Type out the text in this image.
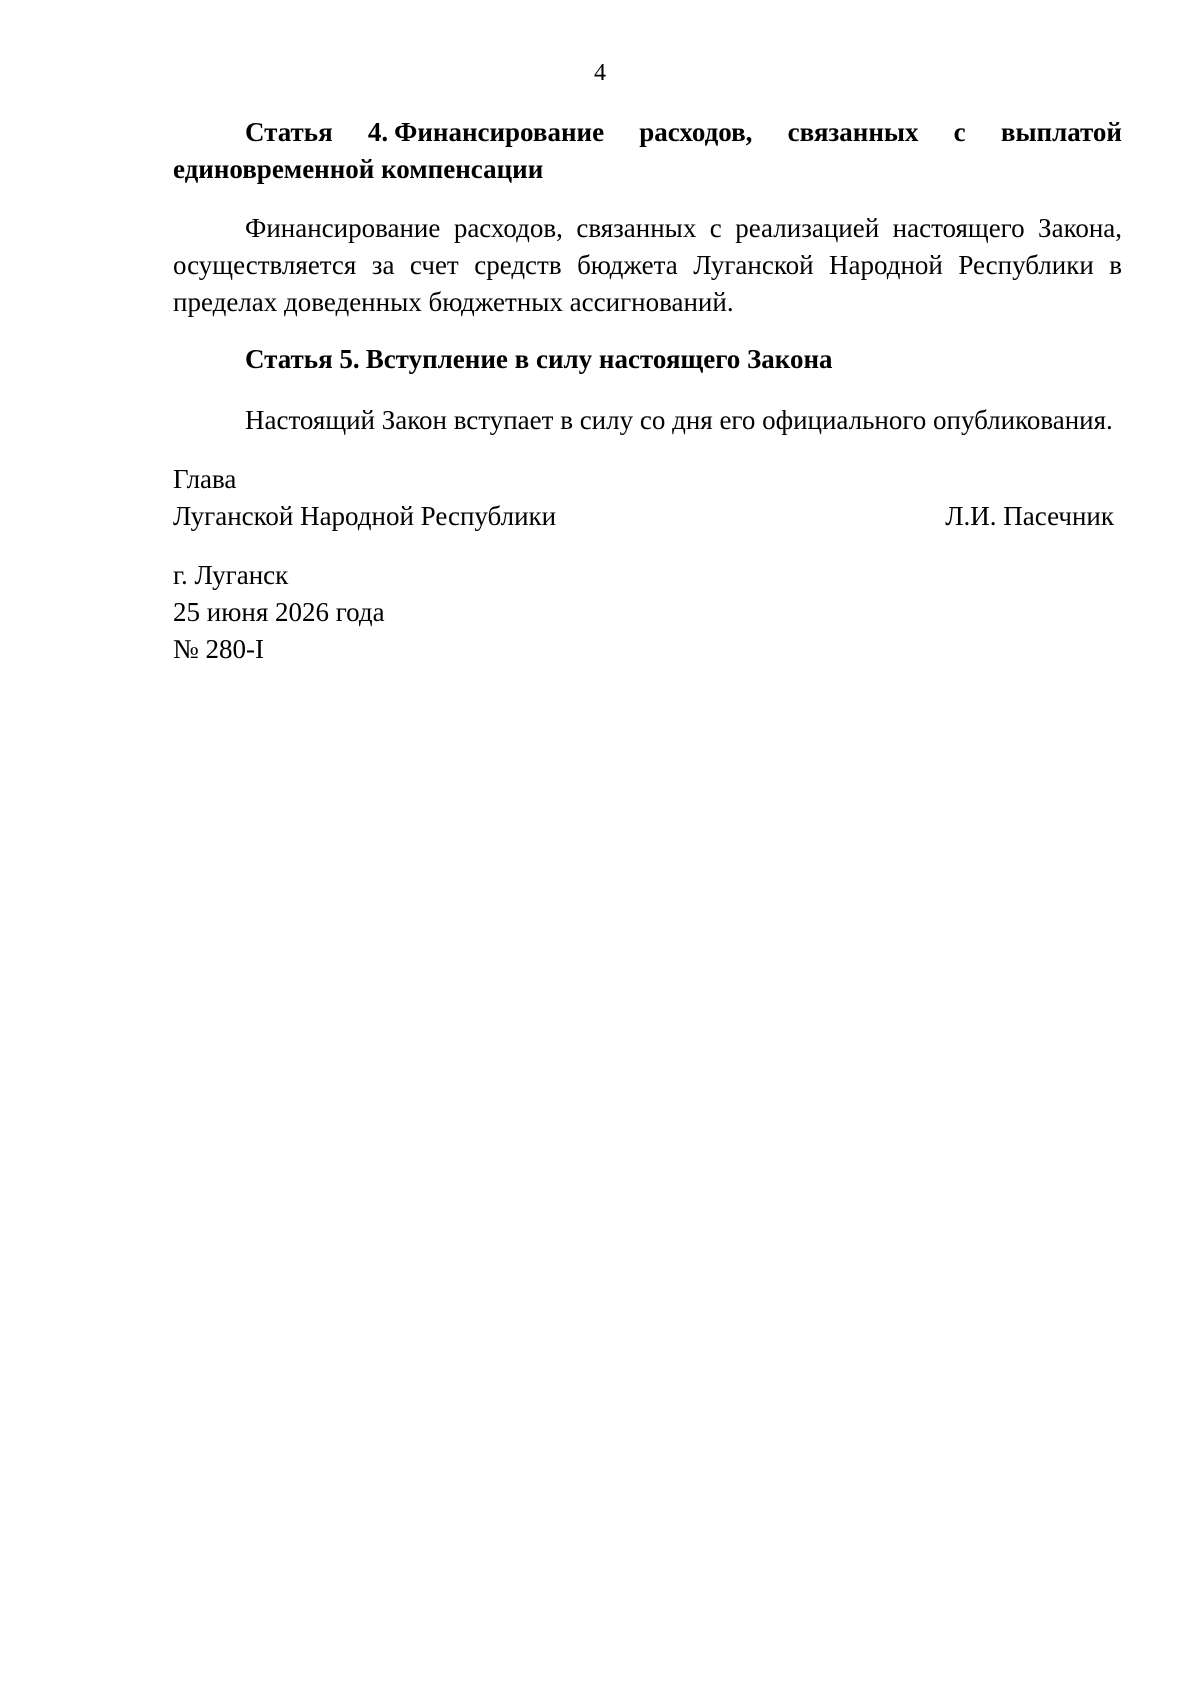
4

Статья 4. Финансирование расходов, связанных с выплатой единовременной компенсации

Финансирование расходов, связанных с реализацией настоящего Закона, осуществляется за счет средств бюджета Луганской Народной Республики в пределах доведенных бюджетных ассигнований.

Статья 5. Вступление в силу настоящего Закона

Настоящий Закон вступает в силу со дня его официального опубликования.

Глава
Луганской Народной Республики	Л.И. Пасечник
г. Луганск
25 июня 2026 года
№ 280-I
